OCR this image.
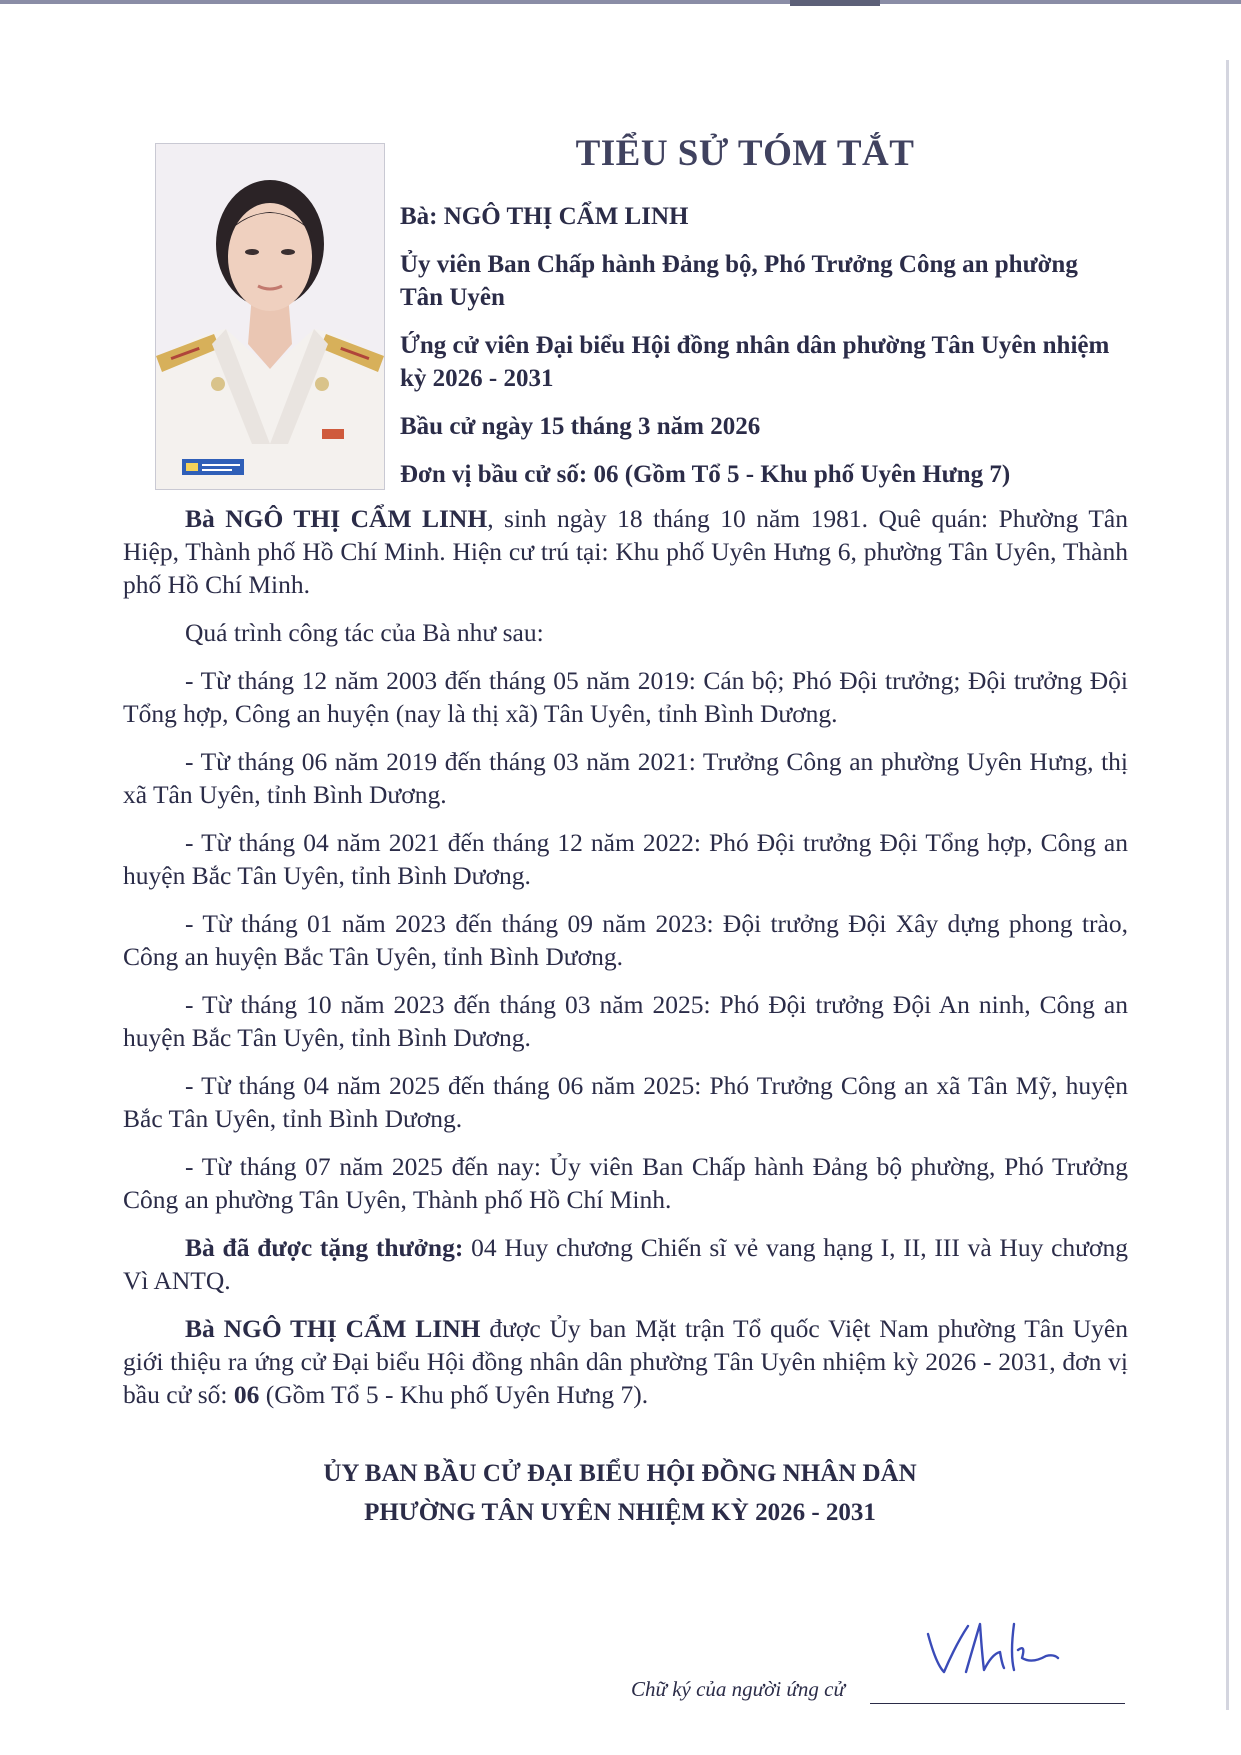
TIỂU SỬ TÓM TẮT
Bà: NGÔ THỊ CẨM LINH
Ủy viên Ban Chấp hành Đảng bộ, Phó Trưởng Công an phường Tân Uyên
Ứng cử viên Đại biểu Hội đồng nhân dân phường Tân Uyên nhiệm kỳ 2026 - 2031
Bầu cử ngày 15 tháng 3 năm 2026
Đơn vị bầu cử số: 06 (Gồm Tổ 5 - Khu phố Uyên Hưng 7)

Bà NGÔ THỊ CẨM LINH, sinh ngày 18 tháng 10 năm 1981. Quê quán: Phường Tân Hiệp, Thành phố Hồ Chí Minh. Hiện cư trú tại: Khu phố Uyên Hưng 6, phường Tân Uyên, Thành phố Hồ Chí Minh.

Quá trình công tác của Bà như sau:

- Từ tháng 12 năm 2003 đến tháng 05 năm 2019: Cán bộ; Phó Đội trưởng; Đội trưởng Đội Tổng hợp, Công an huyện (nay là thị xã) Tân Uyên, tỉnh Bình Dương.

- Từ tháng 06 năm 2019 đến tháng 03 năm 2021: Trưởng Công an phường Uyên Hưng, thị xã Tân Uyên, tỉnh Bình Dương.

- Từ tháng 04 năm 2021 đến tháng 12 năm 2022: Phó Đội trưởng Đội Tổng hợp, Công an huyện Bắc Tân Uyên, tỉnh Bình Dương.

- Từ tháng 01 năm 2023 đến tháng 09 năm 2023: Đội trưởng Đội Xây dựng phong trào, Công an huyện Bắc Tân Uyên, tỉnh Bình Dương.

- Từ tháng 10 năm 2023 đến tháng 03 năm 2025: Phó Đội trưởng Đội An ninh, Công an huyện Bắc Tân Uyên, tỉnh Bình Dương.

- Từ tháng 04 năm 2025 đến tháng 06 năm 2025: Phó Trưởng Công an xã Tân Mỹ, huyện Bắc Tân Uyên, tỉnh Bình Dương.

- Từ tháng 07 năm 2025 đến nay: Ủy viên Ban Chấp hành Đảng bộ phường, Phó Trưởng Công an phường Tân Uyên, Thành phố Hồ Chí Minh.

Bà đã được tặng thưởng: 04 Huy chương Chiến sĩ vẻ vang hạng I, II, III và Huy chương Vì ANTQ.

Bà NGÔ THỊ CẨM LINH được Ủy ban Mặt trận Tổ quốc Việt Nam phường Tân Uyên giới thiệu ra ứng cử Đại biểu Hội đồng nhân dân phường Tân Uyên nhiệm kỳ 2026 - 2031, đơn vị bầu cử số: 06 (Gồm Tổ 5 - Khu phố Uyên Hưng 7).

ỦY BAN BẦU CỬ ĐẠI BIỂU HỘI ĐỒNG NHÂN DÂN
PHƯỜNG TÂN UYÊN NHIỆM KỲ 2026 - 2031
Chữ ký của người ứng cử
